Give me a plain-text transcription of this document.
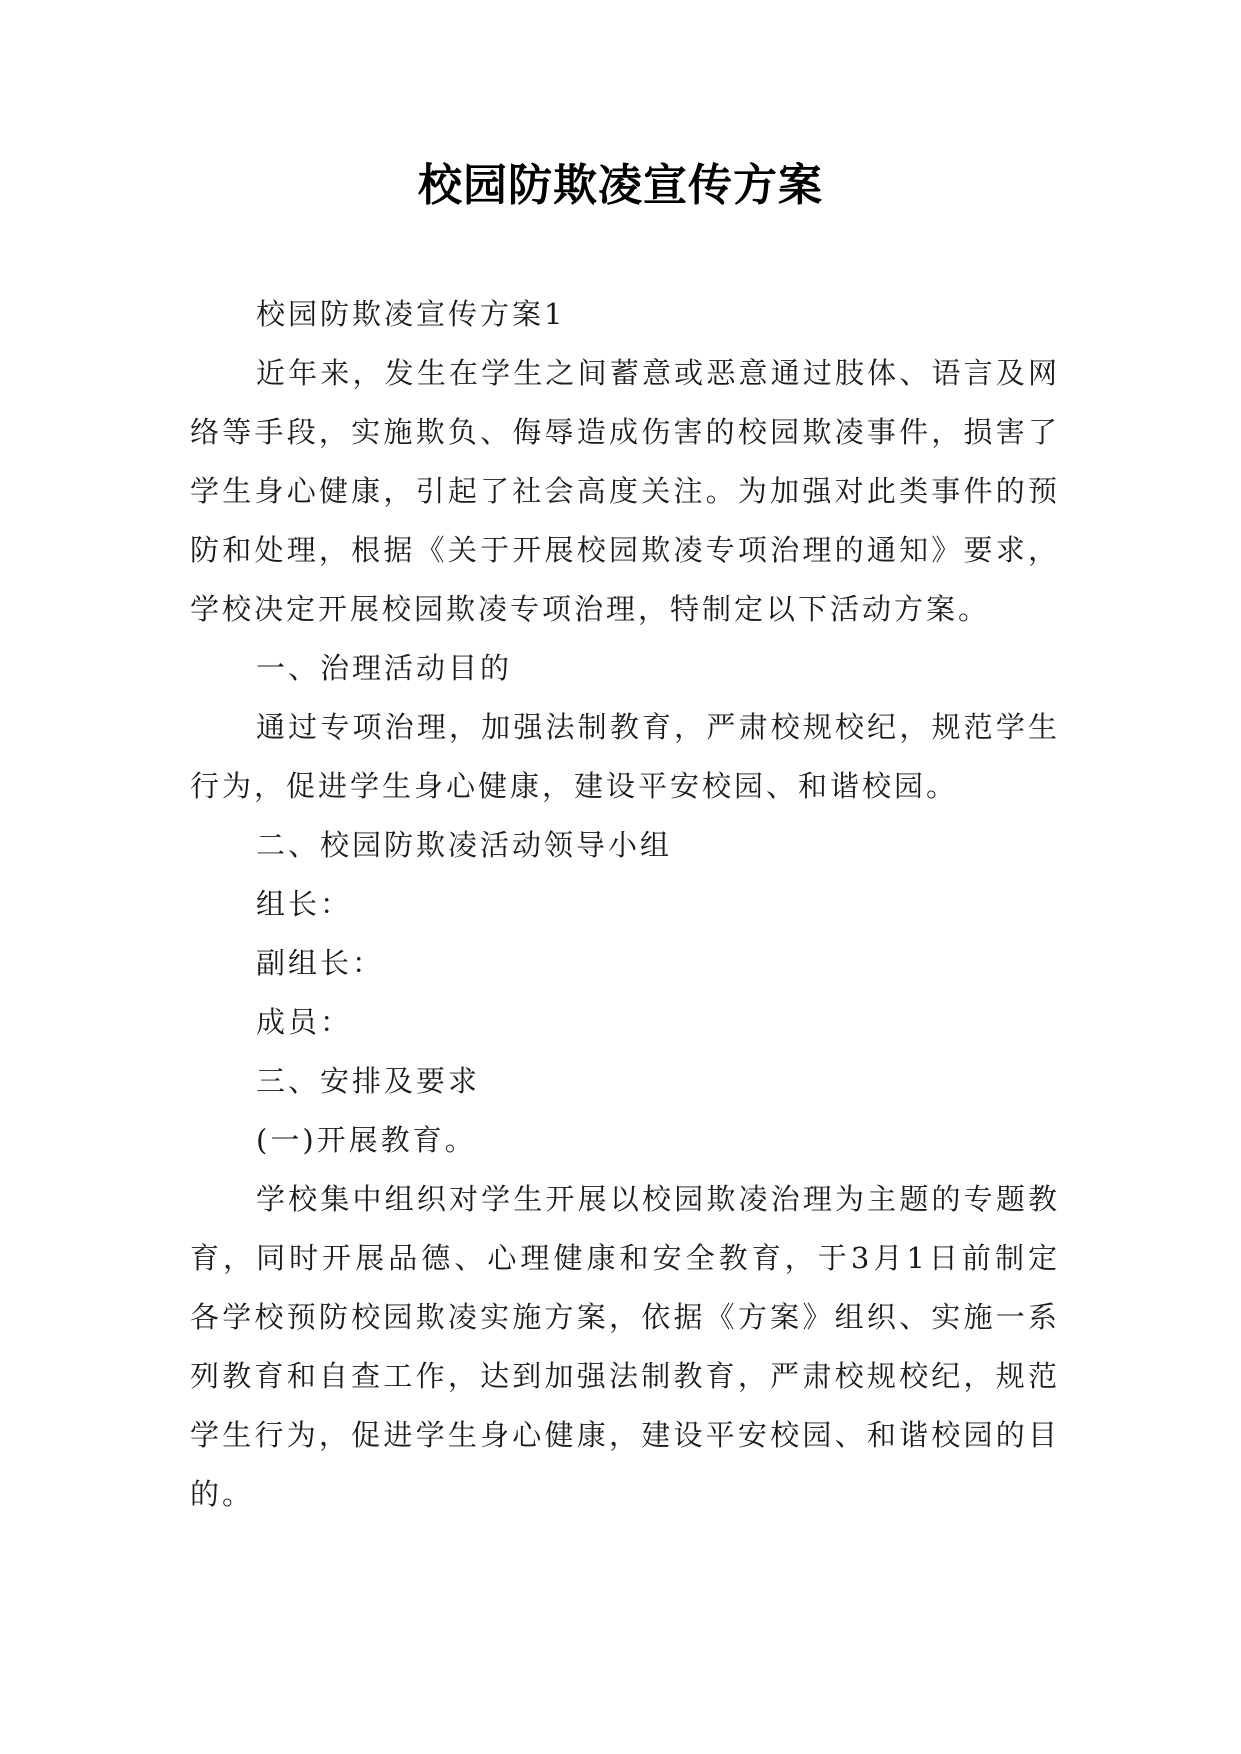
校园防欺凌宣传方案

校园防欺凌宣传方案1

近年来，发生在学生之间蓄意或恶意通过肢体、语言及网络等手段，实施欺负、侮辱造成伤害的校园欺凌事件，损害了学生身心健康，引起了社会高度关注。为加强对此类事件的预防和处理，根据《关于开展校园欺凌专项治理的通知》要求，学校决定开展校园欺凌专项治理，特制定以下活动方案。

一、治理活动目的

通过专项治理，加强法制教育，严肃校规校纪，规范学生行为，促进学生身心健康，建设平安校园、和谐校园。

二、校园防欺凌活动领导小组

组长：

副组长：

成员：

三、安排及要求

(一)开展教育。

学校集中组织对学生开展以校园欺凌治理为主题的专题教育，同时开展品德、心理健康和安全教育，于3月1日前制定各学校预防校园欺凌实施方案，依据《方案》组织、实施一系列教育和自查工作，达到加强法制教育，严肃校规校纪，规范学生行为，促进学生身心健康，建设平安校园、和谐校园的目的。
